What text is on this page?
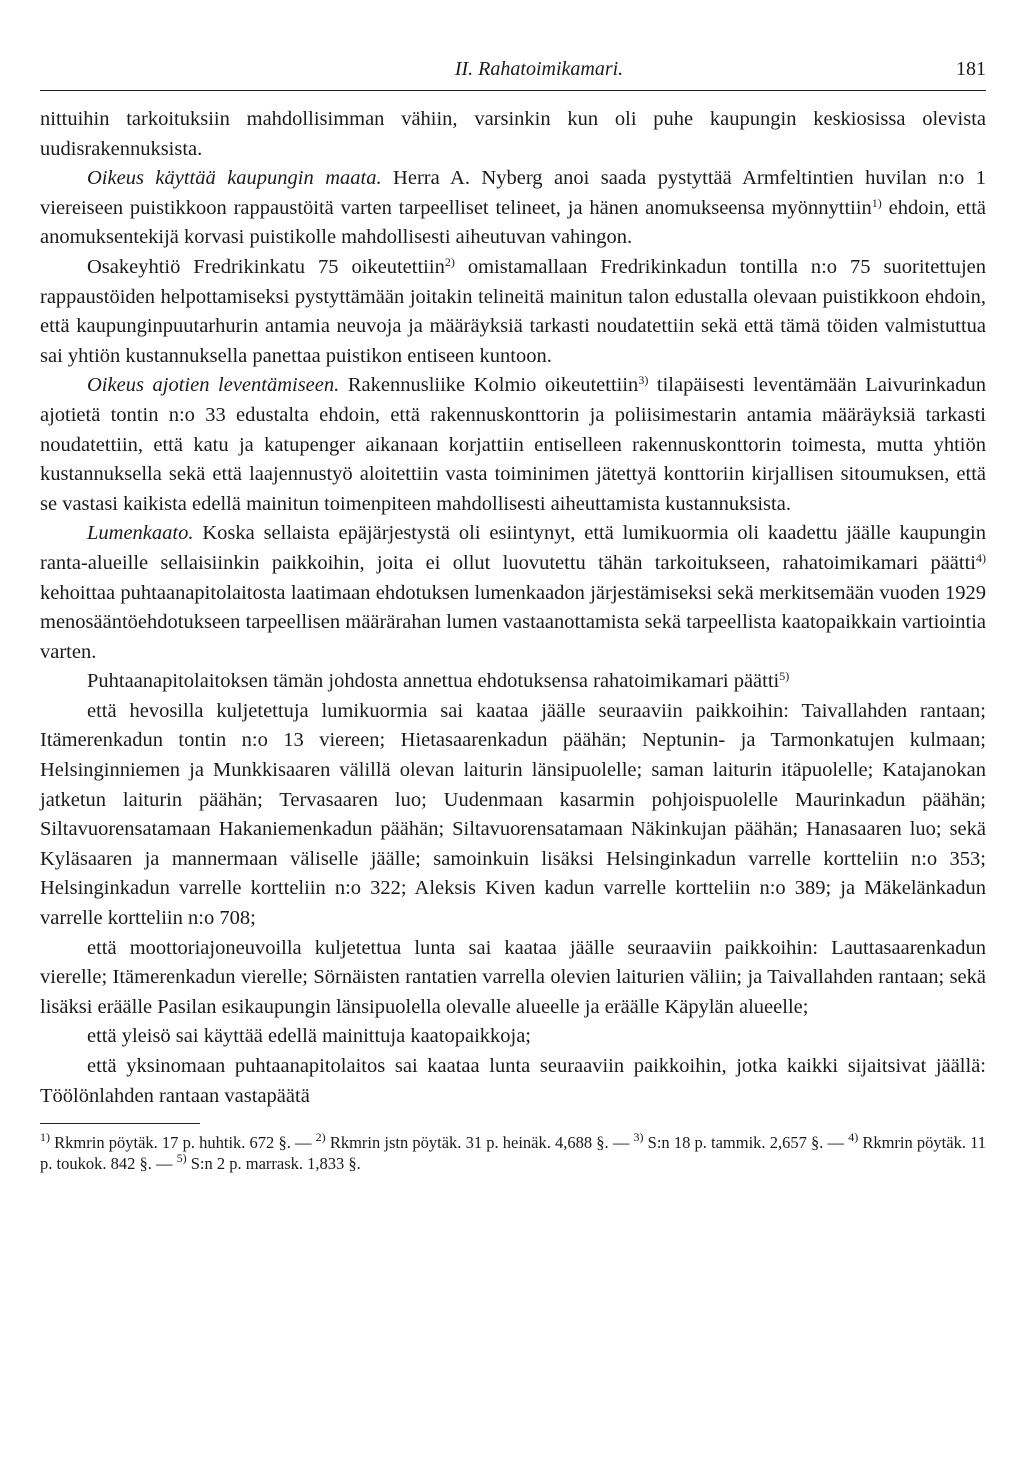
II. Rahatoimikamari.	181

nittuihin tarkoituksiin mahdollisimman vähiin, varsinkin kun oli puhe kaupungin keskiosissa olevista uudisrakennuksista.

Oikeus käyttää kaupungin maata. Herra A. Nyberg anoi saada pystyttää Armfeltintien huvilan n:o 1 viereiseen puistikkoon rappaustöitä varten tarpeelliset telineet, ja hänen anomukseensa myönnyttiin$^{1)}$ ehdoin, että anomuksentekijä korvasi puistikolle mahdollisesti aiheutuvan vahingon.

Osakeyhtiö Fredrikinkatu 75 oikeutettiin$^{2)}$ omistamallaan Fredrikinkadun tontilla n:o 75 suoritettujen rappaustöiden helpottamiseksi pystyttämään joitakin telineitä mainitun talon edustalla olevaan puistikkoon ehdoin, että kaupunginpuutarhurin antamia neuvoja ja määräyksiä tarkasti noudatettiin sekä että tämä töiden valmistuttua sai yhtiön kustannuksella panettaa puistikon entiseen kuntoon.

Oikeus ajotien leventämiseen. Rakennusliike Kolmio oikeutettiin$^{3)}$ tilapäisesti leventämään Laivurinkadun ajotietä tontin n:o 33 edustalta ehdoin, että rakennuskonttorin ja poliisimestarin antamia määräyksiä tarkasti noudatettiin, että katu ja katupenger aikanaan korjattiin entiselleen rakennuskonttorin toimesta, mutta yhtiön kustannuksella sekä että laajennustyö aloitettiin vasta toiminimen jätettyä konttoriin kirjallisen sitoumuksen, että se vastasi kaikista edellä mainitun toimenpiteen mahdollisesti aiheuttamista kustannuksista.

Lumenkaato. Koska sellaista epäjärjestystä oli esiintynyt, että lumikuormia oli kaadettu jäälle kaupungin ranta-alueille sellaisiinkin paikkoihin, joita ei ollut luovutettu tähän tarkoitukseen, rahatoimikamari päätti$^{4)}$ kehoittaa puhtaanapitolaitosta laatimaan ehdotuksen lumenkaadon järjestämiseksi sekä merkitsemään vuoden 1929 menosääntöehdotukseen tarpeellisen määrärahan lumen vastaanottamista sekä tarpeellista kaatopaikkain vartiointia varten.

Puhtaanapitolaitoksen tämän johdosta annettua ehdotuksensa rahatoimikamari päätti$^{5)}$

että hevosilla kuljetettuja lumikuormia sai kaataa jäälle seuraaviin paikkoihin: Taivallahden rantaan; Itämerenkadun tontin n:o 13 viereen; Hietasaarenkadun päähän; Neptunin- ja Tarmonkatujen kulmaan; Helsinginniemen ja Munkkisaaren välillä olevan laiturin länsipuolelle; saman laiturin itäpuolelle; Katajanokan jatketun laiturin päähän; Tervasaaren luo; Uudenmaan kasarmin pohjoispuolelle Maurinkadun päähän; Siltavuorensatamaan Hakaniemenkadun päähän; Siltavuorensatamaan Näkinkujan päähän; Hanasaaren luo; sekä Kyläsaaren ja mannermaan väliselle jäälle; samoinkuin lisäksi Helsinginkadun varrelle kortteliin n:o 353; Helsinginkadun varrelle kortteliin n:o 322; Aleksis Kiven kadun varrelle kortteliin n:o 389; ja Mäkelänkadun varrelle kortteliin n:o 708;

että moottoriajoneuvoilla kuljetettua lunta sai kaataa jäälle seuraaviin paikkoihin: Lauttasaarenkadun vierelle; Itämerenkadun vierelle; Sörnäisten rantatien varrella olevien laiturien väliin; ja Taivallahden rantaan; sekä lisäksi eräälle Pasilan esikaupungin länsipuolella olevalle alueelle ja eräälle Käpylän alueelle;

että yleisö sai käyttää edellä mainittuja kaatopaikkoja;

että yksinomaan puhtaanapitolaitos sai kaataa lunta seuraaviin paikkoihin, jotka kaikki sijaitsivat jäällä: Töölönlahden rantaan vastapäätä

$^{1)}$ Rkmrin pöytäk. 17 p. huhtik. 672 §. — $^{2)}$ Rkmrin jstn pöytäk. 31 p. heinäk. 4,688 §. — $^{3)}$ S:n 18 p. tammik. 2,657 §. — $^{4)}$ Rkmrin pöytäk. 11 p. toukok. 842 §. — $^{5)}$ S:n 2 p. marrask. 1,833 §.
